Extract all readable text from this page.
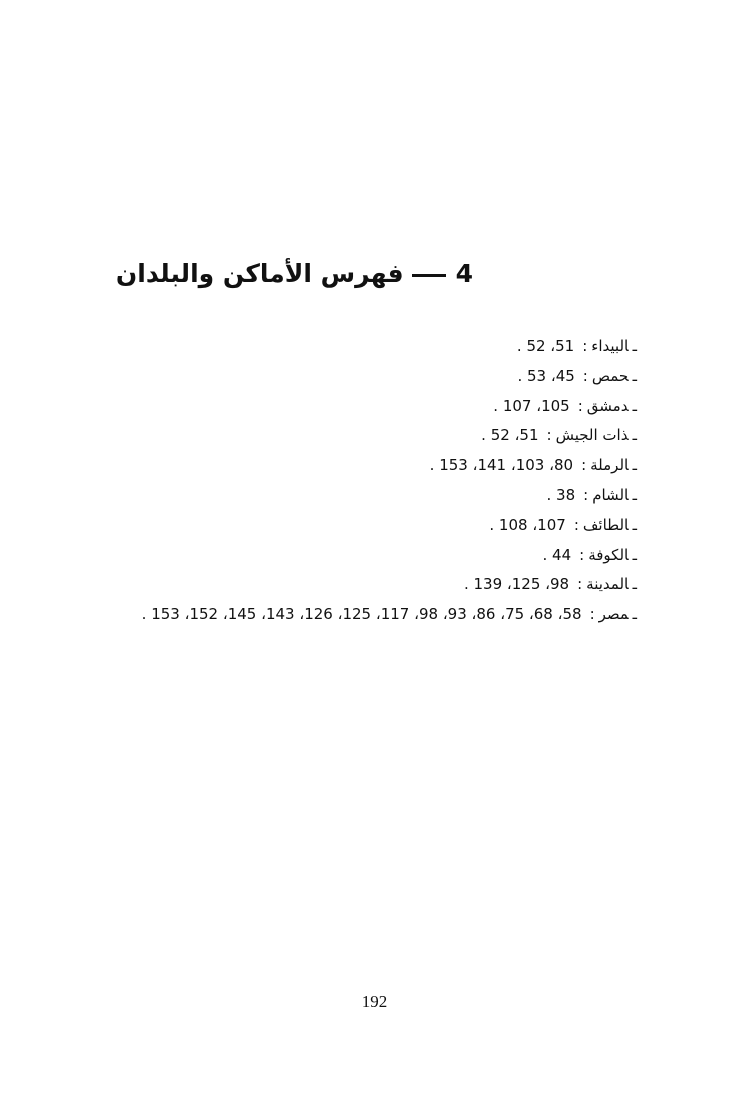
4فهرس الأماكن والبلدان
ـالبيداء:51، 52 .
ـحمص:45، 53 .
ـدمشق:105، 107 .
ـذات الجيش:51، 52 .
ـالرملة:80، 103، 141، 153 .
ـالشام:38 .
ـالطائف:107، 108 .
ـالكوفة:44 .
ـالمدينة:98، 125، 139 .
ـمصر:58، 68، 75، 86، 93، 98، 117، 125، 126، 143، 145، 152، 153 .
192
